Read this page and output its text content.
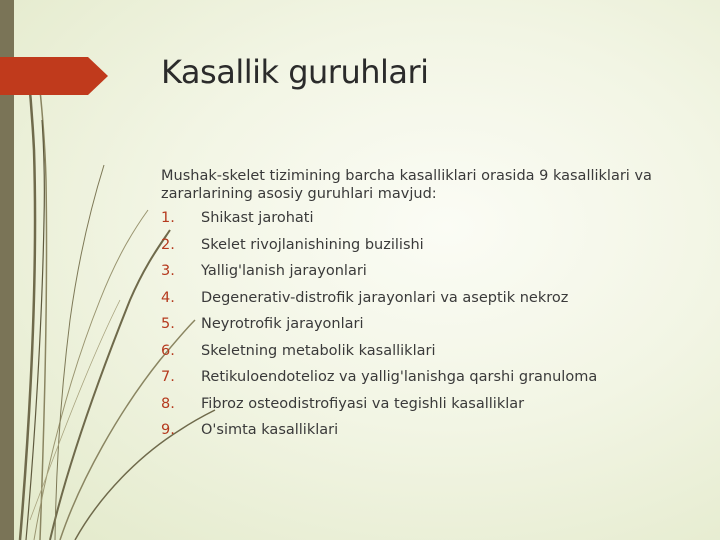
Kasallik guruhlari

Mushak-skelet tizimining barcha kasalliklari orasida 9 kasalliklari va zararlarining asosiy guruhlari mavjud:

1.	Shikast jarohati
2.	Skelet rivojlanishining buzilishi
3.	Yallig'lanish jarayonlari
4.	Degenerativ-distrofik jarayonlari va aseptik nekroz
5.	Neyrotrofik jarayonlari
6.	Skeletning metabolik kasalliklari
7.	Retikuloendotelioz va yallig'lanishga qarshi granuloma
8.	Fibroz osteodistrofiyasi va tegishli kasalliklar
9.	O'simta kasalliklari
